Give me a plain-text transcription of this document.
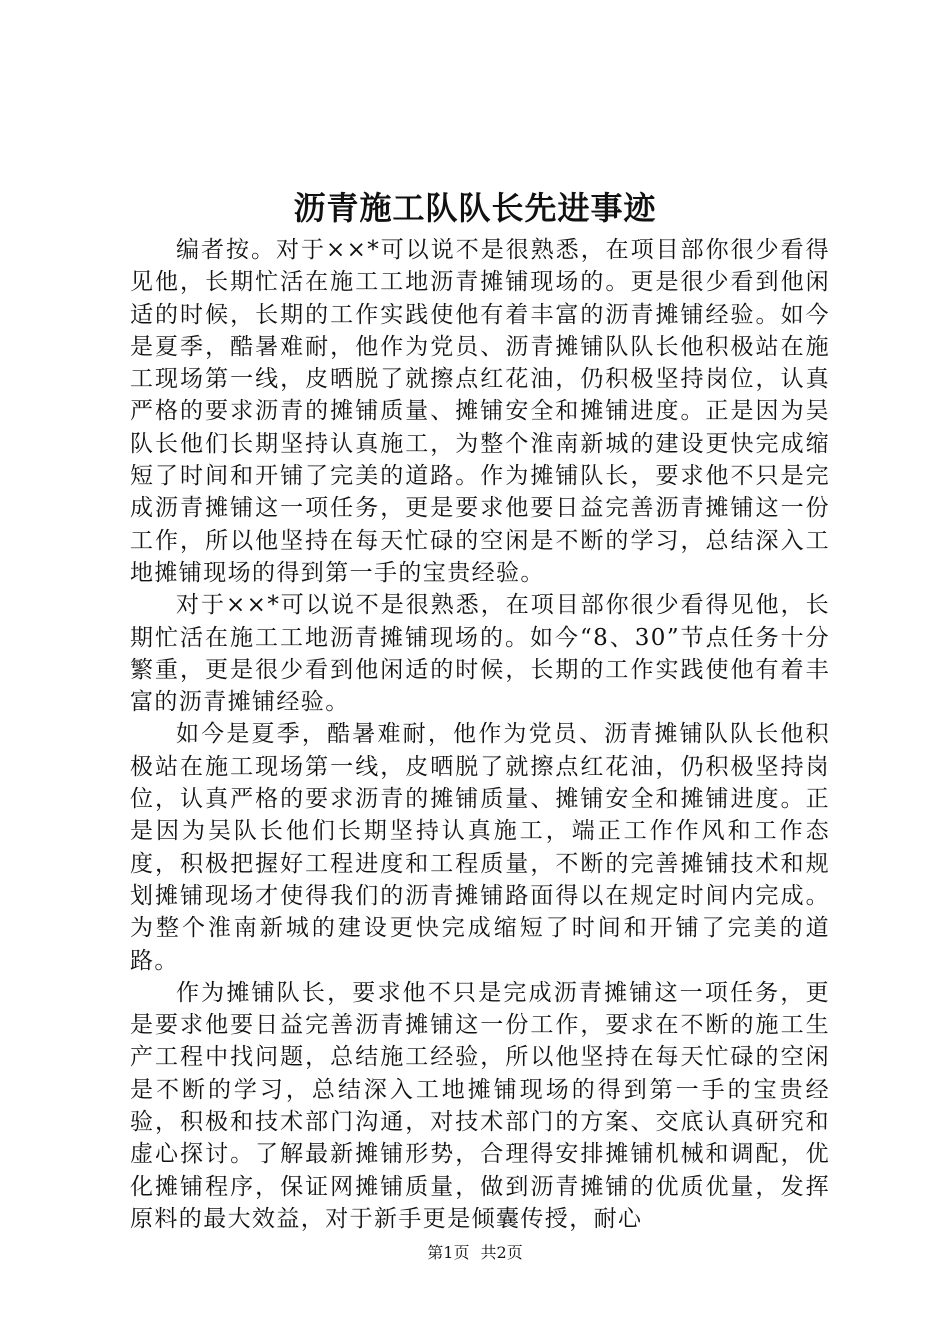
沥青施工队队长先进事迹

编者按。对于××*可以说不是很熟悉，在项目部你很少看得见他，长期忙活在施工工地沥青摊铺现场的。更是很少看到他闲适的时候，长期的工作实践使他有着丰富的沥青摊铺经验。如今是夏季，酷暑难耐，他作为党员、沥青摊铺队队长他积极站在施工现场第一线，皮晒脱了就擦点红花油，仍积极坚持岗位，认真严格的要求沥青的摊铺质量、摊铺安全和摊铺进度。正是因为吴队长他们长期坚持认真施工，为整个淮南新城的建设更快完成缩短了时间和开铺了完美的道路。作为摊铺队长，要求他不只是完成沥青摊铺这一项任务，更是要求他要日益完善沥青摊铺这一份工作，所以他坚持在每天忙碌的空闲是不断的学习，总结深入工地摊铺现场的得到第一手的宝贵经验。

对于××*可以说不是很熟悉，在项目部你很少看得见他，长期忙活在施工工地沥青摊铺现场的。如今“8、30”节点任务十分繁重，更是很少看到他闲适的时候，长期的工作实践使他有着丰富的沥青摊铺经验。

如今是夏季，酷暑难耐，他作为党员、沥青摊铺队队长他积极站在施工现场第一线，皮晒脱了就擦点红花油，仍积极坚持岗位，认真严格的要求沥青的摊铺质量、摊铺安全和摊铺进度。正是因为吴队长他们长期坚持认真施工，端正工作作风和工作态度，积极把握好工程进度和工程质量，不断的完善摊铺技术和规划摊铺现场才使得我们的沥青摊铺路面得以在规定时间内完成。为整个淮南新城的建设更快完成缩短了时间和开铺了完美的道路。

作为摊铺队长，要求他不只是完成沥青摊铺这一项任务，更是要求他要日益完善沥青摊铺这一份工作，要求在不断的施工生产工程中找问题，总结施工经验，所以他坚持在每天忙碌的空闲是不断的学习，总结深入工地摊铺现场的得到第一手的宝贵经验，积极和技术部门沟通，对技术部门的方案、交底认真研究和虚心探讨。了解最新摊铺形势，合理得安排摊铺机械和调配，优化摊铺程序，保证网摊铺质量，做到沥青摊铺的优质优量，发挥原料的最大效益，对于新手更是倾囊传授，耐心

第1页 共2页
